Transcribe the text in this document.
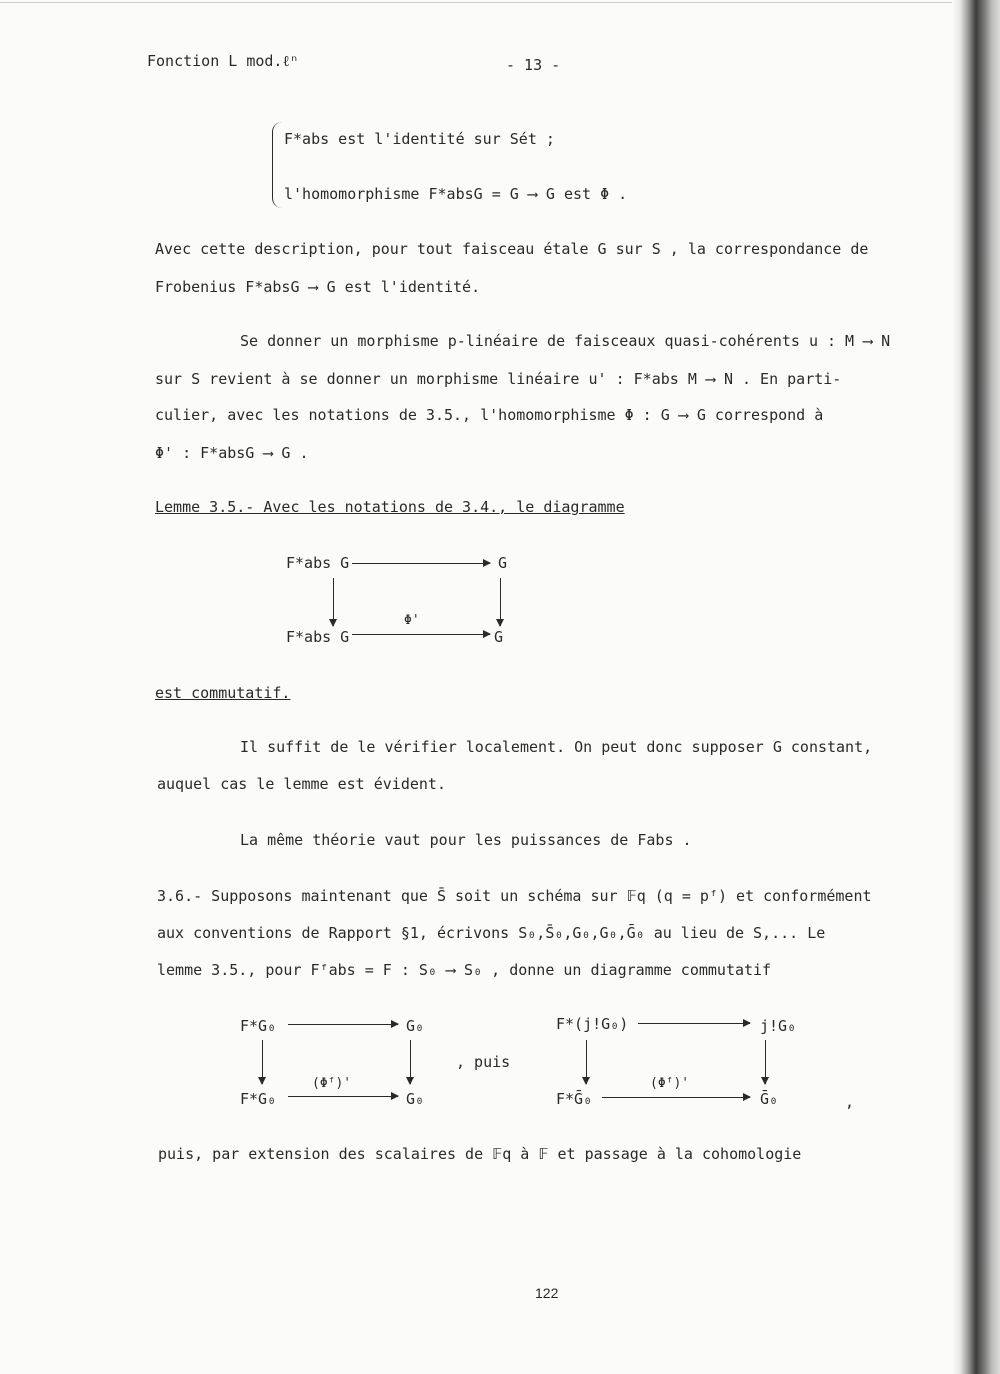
Fonction L mod.ℓⁿ	- 13 -
F*abs est l'identité sur Sét ;
l'homomorphisme F*absG = G ⟶ G est Φ .
Avec cette description, pour tout faisceau étale G sur S , la correspondance de
Frobenius F*absG ⟶ G est l'identité.
Se donner un morphisme p-linéaire de faisceaux quasi-cohérents u : M ⟶ N
sur S revient à se donner un morphisme linéaire u' : F*abs M ⟶ N . En parti-
culier, avec les notations de 3.5., l'homomorphisme Φ : G ⟶ G correspond à
Φ' : F*absG ⟶ G .
Lemme 3.5.- Avec les notations de 3.4., le diagramme
F*abs G	G
Φ'
F*abs G	G
est commutatif.
Il suffit de le vérifier localement. On peut donc supposer G constant,
auquel cas le lemme est évident.
La même théorie vaut pour les puissances de Fabs .
3.6.- Supposons maintenant que S̄ soit un schéma sur 𝔽q (q = pᶠ) et conformément
aux conventions de Rapport §1, écrivons S₀,S̄₀,G₀,G₀,Ḡ₀ au lieu de S,... Le
lemme 3.5., pour Fᶠabs = F : S₀ ⟶ S₀ , donne un diagramme commutatif
F*G₀	G₀
(Φᶠ)'
F*G₀	G₀
, puis
F*(j!G₀)	j!G₀
(Φᶠ)'
F*Ḡ₀	Ḡ₀	,
puis, par extension des scalaires de 𝔽q à 𝔽 et passage à la cohomologie
122
